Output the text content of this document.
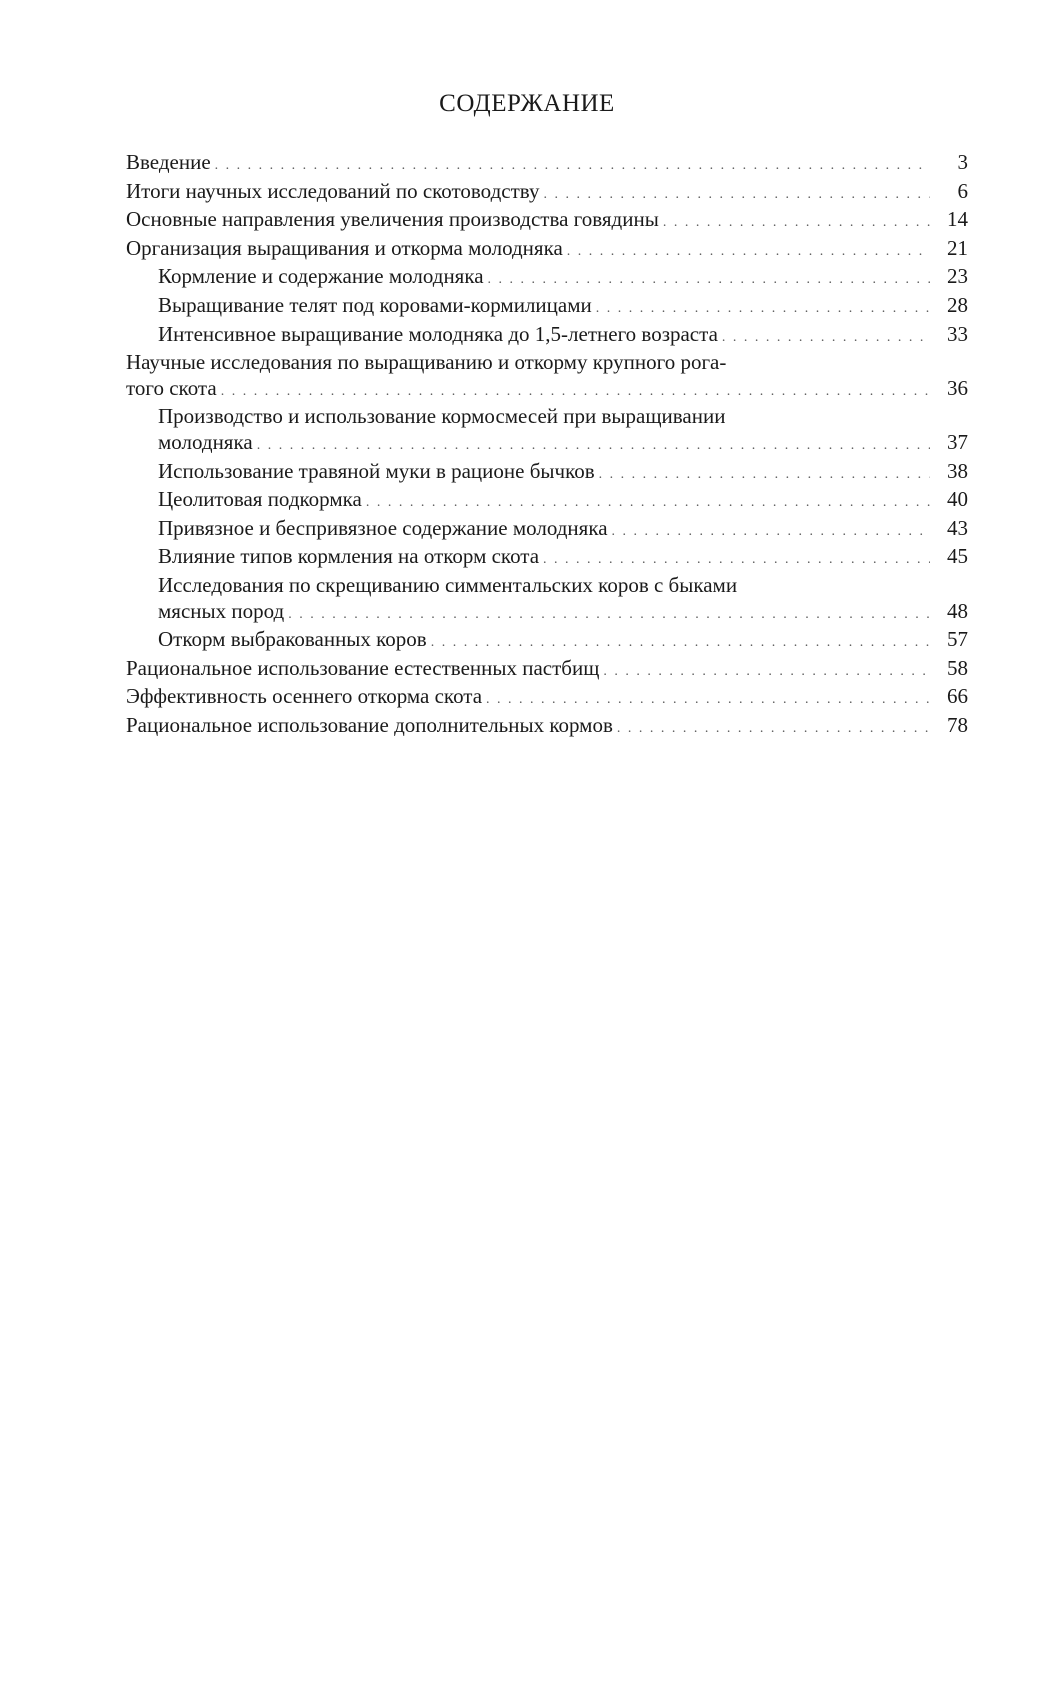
СОДЕРЖАНИЕ
Введение . . .	3
Итоги научных исследований по скотоводству . . .	6
Основные направления увеличения производства говядины . . .	14
Организация выращивания и откорма молодняка . . .	21
Кормление и содержание молодняка . . .	23
Выращивание телят под коровами-кормилицами . . .	28
Интенсивное выращивание молодняка до 1,5-летнего возраста . . .	33
Научные исследования по выращиванию и откорму крупного рога-
того скота . . .	36
Производство и использование кормосмесей при выращивании
молодняка . . .	37
Использование травяной муки в рационе бычков . . .	38
Цеолитовая подкормка . . .	40
Привязное и беспривязное содержание молодняка . . .	43
Влияние типов кормления на откорм скота . . .	45
Исследования по скрещиванию симментальских коров с быками
мясных пород . . .	48
Откорм выбракованных коров . . .	57
Рациональное использование естественных пастбищ . . .	58
Эффективность осеннего откорма скота . . .	66
Рациональное использование дополнительных кормов . . .	78
